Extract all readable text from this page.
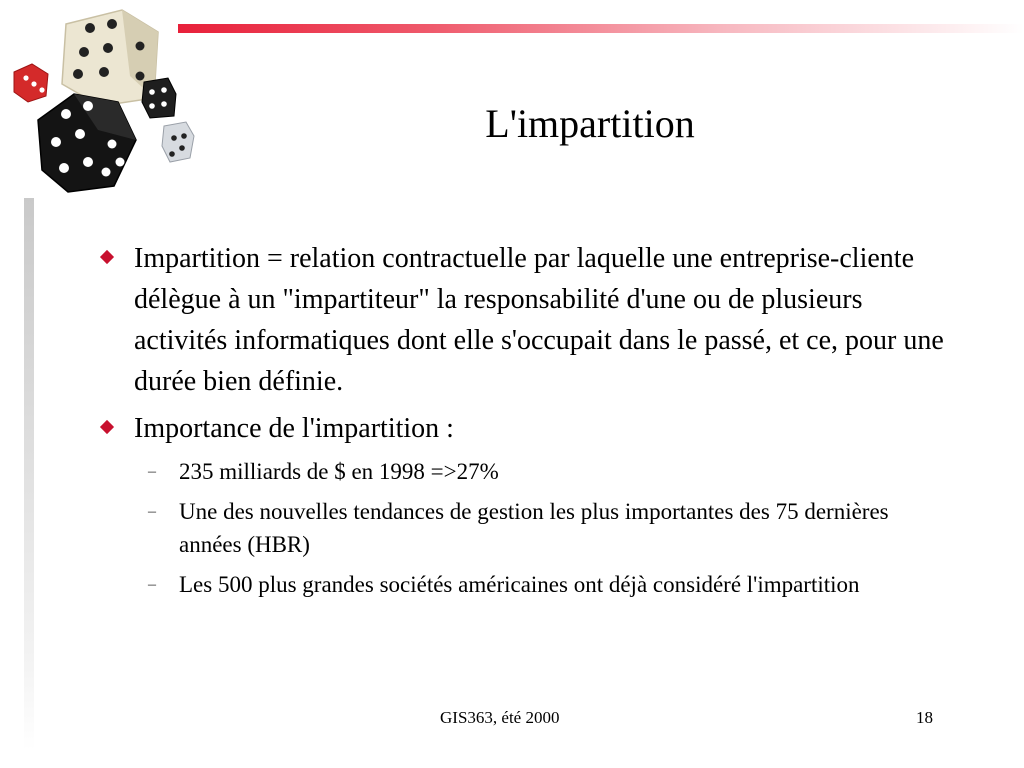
L'impartition
Impartition = relation contractuelle par laquelle une entreprise-cliente délègue à un "impartiteur" la responsabilité d'une ou de plusieurs activités informatiques dont elle s'occupait dans le passé, et ce, pour une durée bien définie.
Importance de l'impartition :
– 235 milliards de $ en 1998 =>27%
– Une des nouvelles tendances de gestion les plus importantes des 75 dernières années (HBR)
– Les 500 plus grandes sociétés américaines ont déjà considéré l'impartition
GIS363, été 2000	18
